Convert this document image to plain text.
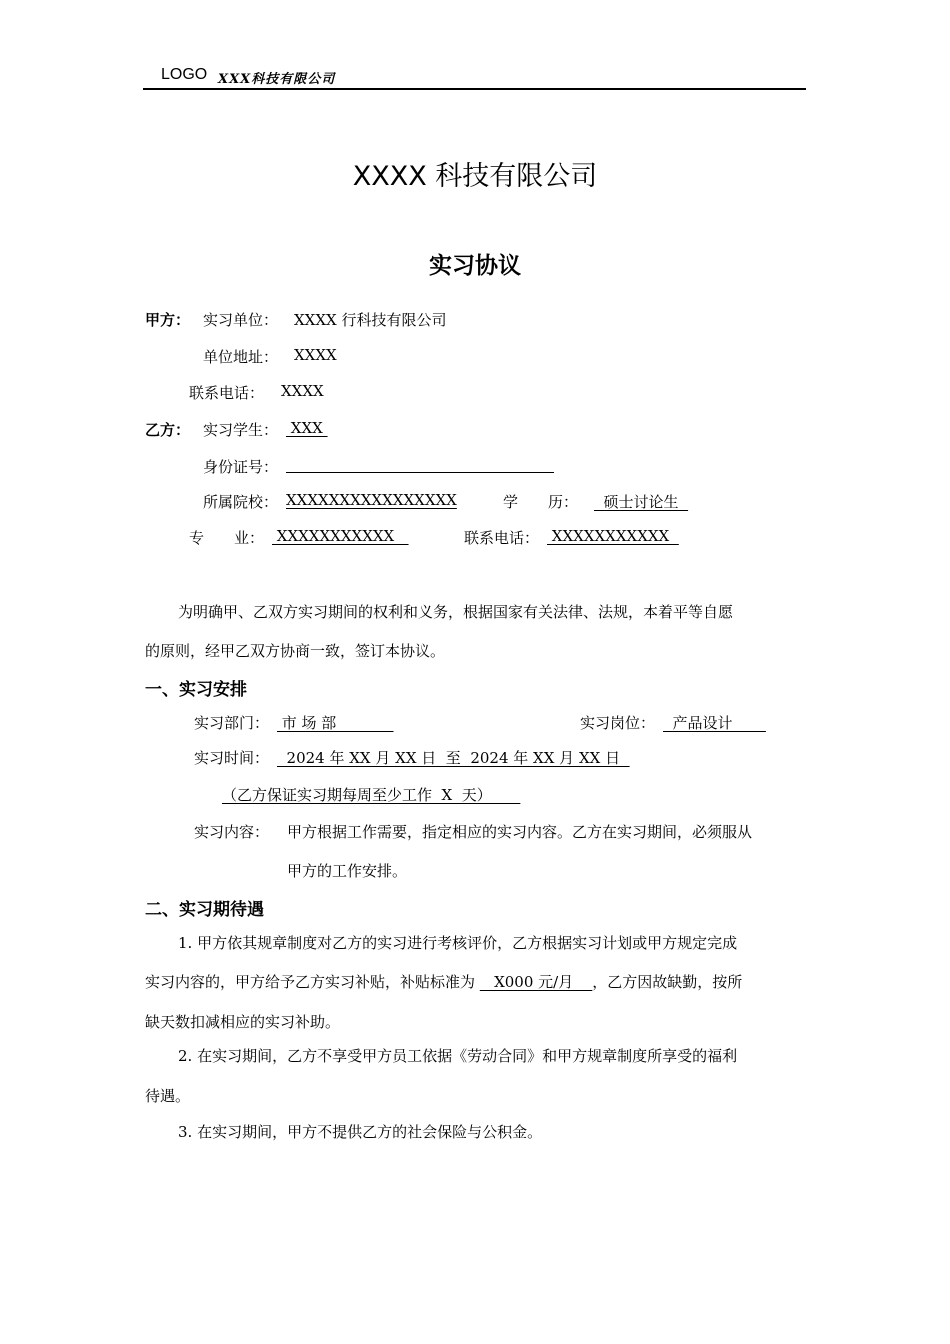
LOGO XXX科技有限公司
XXXX 科技有限公司
实习协议
甲方： 实习单位： XXXX 行科技有限公司
单位地址： XXXX
联系电话： XXXX
乙方： 实习学生： XXX
身份证号：
所属院校： XXXXXXXXXXXXXXXX	学　　历： 硕士讨论生
专　　业： XXXXXXXXXXX	联系电话： XXXXXXXXXXX
为明确甲、乙双方实习期间的权利和义务，根据国家有关法律、法规，本着平等自愿
的原则，经甲乙双方协商一致，签订本协议。
一、实习安排
实习部门： 市 场 部	实习岗位： 产品设计
实习时间： 2024 年 XX 月 XX 日  至  2024 年 XX 月 XX 日
（乙方保证实习期每周至少工作  X  天）
实习内容： 甲方根据工作需要，指定相应的实习内容。乙方在实习期间，必须服从
甲方的工作安排。
二、实习期待遇
1. 甲方依其规章制度对乙方的实习进行考核评价，乙方根据实习计划或甲方规定完成
实习内容的，甲方给予乙方实习补贴，补贴标准为    X000 元/月    ，乙方因故缺勤，按所
缺天数扣减相应的实习补助。
2. 在实习期间，乙方不享受甲方员工依据《劳动合同》和甲方规章制度所享受的福利
待遇。
3. 在实习期间，甲方不提供乙方的社会保险与公积金。
